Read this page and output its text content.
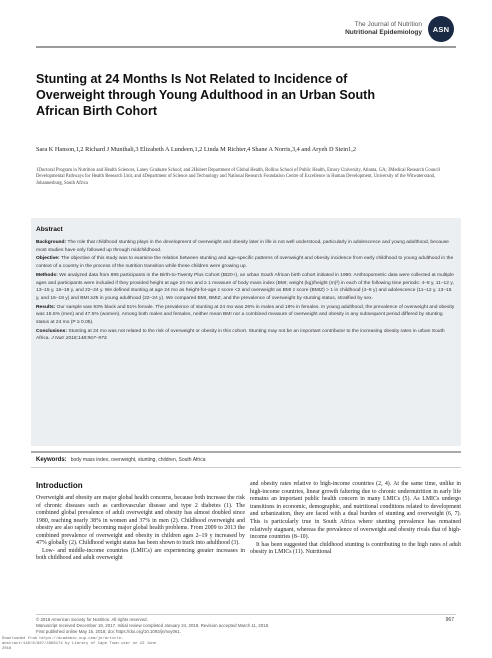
The Journal of Nutrition
Nutritional Epidemiology ASN
Stunting at 24 Months Is Not Related to Incidence of Overweight through Young Adulthood in an Urban South African Birth Cohort
Sara K Hanson,1,2 Richard J Munthali,3 Elizabeth A Lundeen,1,2 Linda M Richter,4 Shane A Norris,3,4 and Aryeh D Stein1,2
1Doctoral Program in Nutrition and Health Sciences, Laney Graduate School; and 2Hubert Department of Global Health, Rollins School of Public Health, Emory University, Atlanta, GA; 3Medical Research Council Developmental Pathways for Health Research Unit, and 4Department of Science and Technology and National Research Foundation Centre of Excellence in Human Development, University of the Witwatersrand, Johannesburg, South Africa
Abstract

Background: The role that childhood stunting plays in the development of overweight and obesity later in life is not well understood, particularly in adolescence and young adulthood, because most studies have only followed up through midchildhood.

Objective: The objective of this study was to examine the relation between stunting and age-specific patterns of overweight and obesity incidence from early childhood to young adulthood in the context of a country in the process of the nutrition transition while these children were growing up.

Methods: We analyzed data from 895 participants in the Birth-to-Twenty Plus Cohort (Bt20+), an urban South African birth cohort initiated in 1990. Anthropometric data were collected at multiple ages and participants were included if they provided height at age 24 mo and ≥ 1 measure of body mass index (BMI; weight (kg)/height (m)²) in each of the following time periods: 4–8 y, 11–12 y, 13–15 y, 16–18 y, and 22–24 y. We defined stunting at age 24 mo as height-for-age z score <2 and overweight as BMI z score (BMIZ) > 1 in childhood (4–8 y) and adolescence (11–12 y, 13–15 y, and 16–18 y) and BMI ≥25 in young adulthood (22–24 y). We compared BMI, BMIZ, and the prevalence of overweight by stunting status, stratified by sex.

Results: Our sample was 93% black and 51% female. The prevalence of stunting at 24 mo was 26% in males and 19% in females. In young adulthood, the prevalence of overweight and obesity was 15.5% (men) and 47.5% (women). Among both males and females, neither mean BMI nor a combined measure of overweight and obesity in any subsequent period differed by stunting status at 24 mo (P ≥ 0.05).

Conclusions: Stunting at 24 mo was not related to the risk of overweight or obesity in this cohort. Stunting may not be an important contributor to the increasing obesity rates in urban South Africa. J Nutr 2018;148:967–973.

Keywords: body mass index, overweight, stunting, children, South Africa
Introduction

Overweight and obesity are major global health concerns, because both increase the risk of chronic diseases such as cardiovascular disease and type 2 diabetes (1). The combined global prevalence of adult overweight and obesity has almost doubled since 1980, reaching nearly 38% in women and 37% in men (2). Childhood overweight and obesity are also rapidly becoming major global health problems. From 2009 to 2013 the combined prevalence of overweight and obesity in children ages 2–19 y increased by 47% globally (2). Childhood weight status has been shown to track into adulthood (3).

Low- and middle-income countries (LMICs) are experiencing greater increases in both childhood and adult overweight

and obesity rates relative to high-income countries (2, 4). At the same time, unlike in high-income countries, linear growth faltering due to chronic undernutrition in early life remains an important public health concern in many LMICs (5). As LMICs undergo transitions in economic, demographic, and nutritional conditions related to development and urbanization, they are faced with a dual burden of stunting and overweight (6, 7). This is particularly true in South Africa where stunting prevalence has remained relatively stagnant, whereas the prevalence of overweight and obesity rivals that of high-income countries (8–10).

It has been suggested that childhood stunting is contributing to the high rates of adult obesity in LMICs (11). Nutritional

© 2018 American Society for Nutrition. All rights reserved.
Manuscript received December 19, 2017. Initial review completed January 24, 2018. Revision accepted March 11, 2018.
First published online May 15, 2018; doi: https://doi.org/10.1093/jn/nxy061.
967
Downloaded from https://academic.oup.com/jn/article-abstract/148/6/967/4996174 by Library of Cape Town user on 22 June 2018
